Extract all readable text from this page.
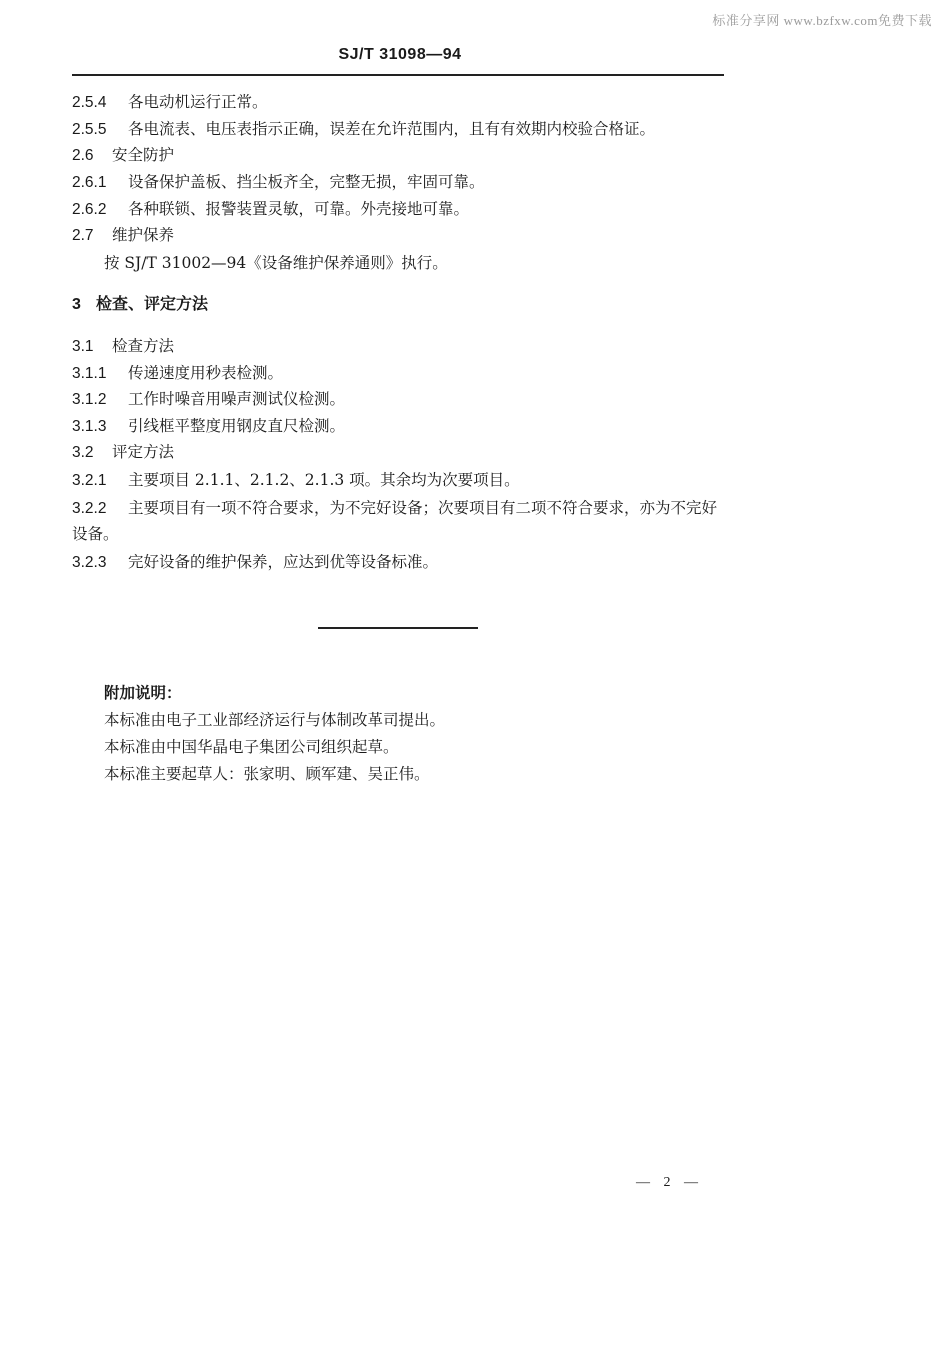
标准分享网 www.bzfxw.com免费下载
SJ/T 31098—94
2.5.4 各电动机运行正常。
2.5.5 各电流表、电压表指示正确，误差在允许范围内，且有有效期内校验合格证。
2.6 安全防护
2.6.1 设备保护盖板、挡尘板齐全，完整无损，牢固可靠。
2.6.2 各种联锁、报警装置灵敏，可靠。外壳接地可靠。
2.7 维护保养
按 SJ/T 31002—94《设备维护保养通则》执行。
3 检查、评定方法
3.1 检查方法
3.1.1 传递速度用秒表检测。
3.1.2 工作时噪音用噪声测试仪检测。
3.1.3 引线框平整度用钢皮直尺检测。
3.2 评定方法
3.2.1 主要项目 2.1.1、2.1.2、2.1.3 项。其余均为次要项目。
3.2.2 主要项目有一项不符合要求，为不完好设备；次要项目有二项不符合要求，亦为不完好
设备。
3.2.3 完好设备的维护保养，应达到优等设备标准。
附加说明：
本标准由电子工业部经济运行与体制改革司提出。
本标准由中国华晶电子集团公司组织起草。
本标准主要起草人：张家明、顾军建、吴正伟。
— 2 —
